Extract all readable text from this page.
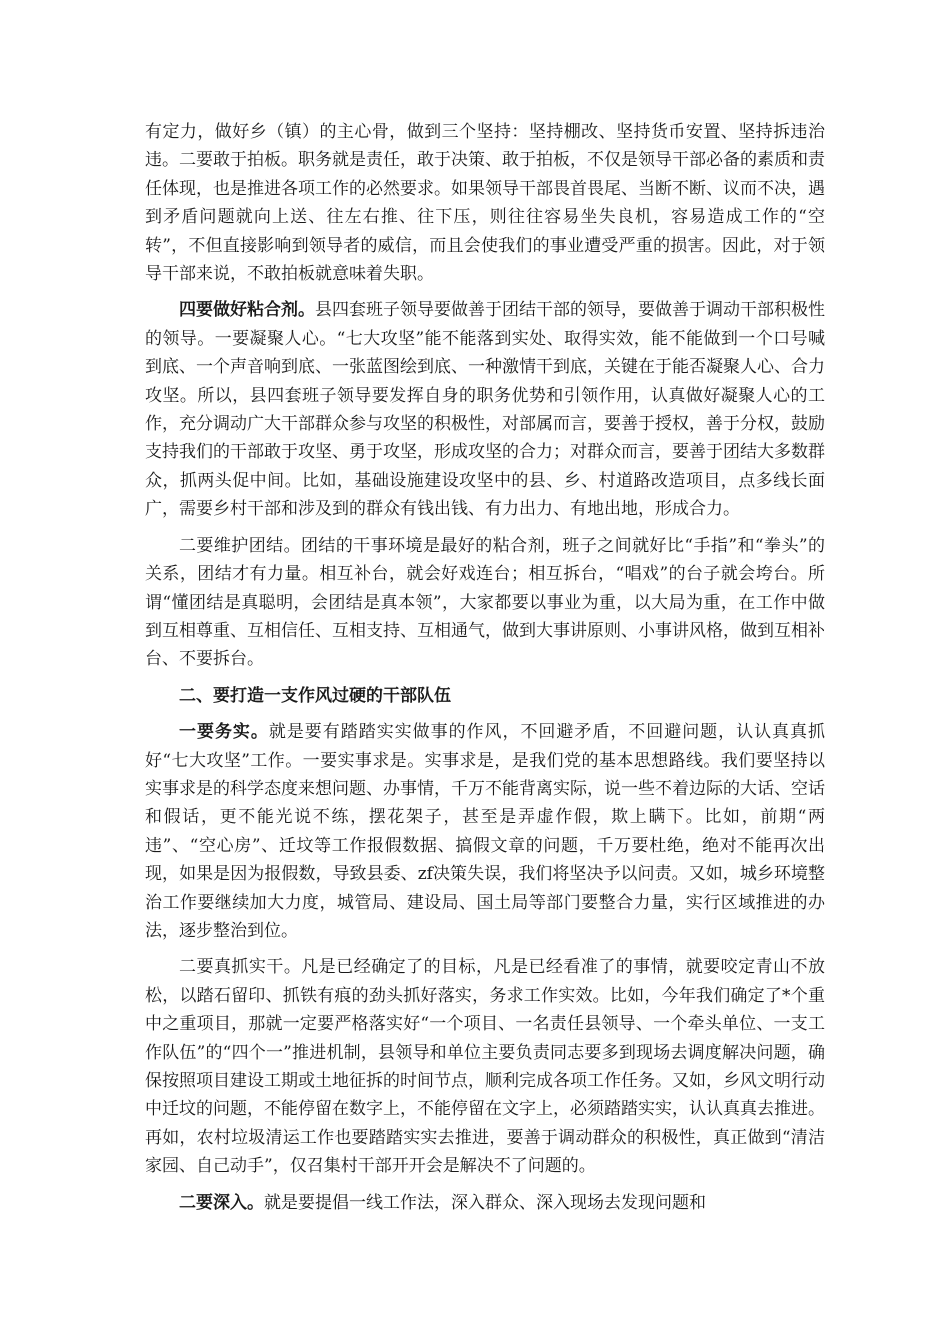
有定力，做好乡（镇）的主心骨，做到三个坚持：坚持棚改、坚持货币安置、坚持拆违治违。二要敢于拍板。职务就是责任，敢于决策、敢于拍板，不仅是领导干部必备的素质和责任体现，也是推进各项工作的必然要求。如果领导干部畏首畏尾、当断不断、议而不决，遇到矛盾问题就向上送、往左右推、往下压，则往往容易坐失良机，容易造成工作的“空转”，不但直接影响到领导者的威信，而且会使我们的事业遭受严重的损害。因此，对于领导干部来说，不敢拍板就意味着失职。

四要做好粘合剂。县四套班子领导要做善于团结干部的领导，要做善于调动干部积极性的领导。一要凝聚人心。“七大攻坚”能不能落到实处、取得实效，能不能做到一个口号喊到底、一个声音响到底、一张蓝图绘到底、一种激情干到底，关键在于能否凝聚人心、合力攻坚。所以，县四套班子领导要发挥自身的职务优势和引领作用，认真做好凝聚人心的工作，充分调动广大干部群众参与攻坚的积极性，对部属而言，要善于授权，善于分权，鼓励支持我们的干部敢于攻坚、勇于攻坚，形成攻坚的合力；对群众而言，要善于团结大多数群众，抓两头促中间。比如，基础设施建设攻坚中的县、乡、村道路改造项目，点多线长面广，需要乡村干部和涉及到的群众有钱出钱、有力出力、有地出地，形成合力。

二要维护团结。团结的干事环境是最好的粘合剂，班子之间就好比“手指”和“拳头”的关系，团结才有力量。相互补台，就会好戏连台；相互拆台，“唱戏”的台子就会垮台。所谓“懂团结是真聪明，会团结是真本领”，大家都要以事业为重，以大局为重，在工作中做到互相尊重、互相信任、互相支持、互相通气，做到大事讲原则、小事讲风格，做到互相补台、不要拆台。

二、要打造一支作风过硬的干部队伍

一要务实。就是要有踏踏实实做事的作风，不回避矛盾，不回避问题，认认真真抓好“七大攻坚”工作。一要实事求是。实事求是，是我们党的基本思想路线。我们要坚持以实事求是的科学态度来想问题、办事情，千万不能背离实际，说一些不着边际的大话、空话和假话，更不能光说不练，摆花架子，甚至是弄虚作假，欺上瞒下。比如，前期“两违”、“空心房”、迁坟等工作报假数据、搞假文章的问题，千万要杜绝，绝对不能再次出现，如果是因为报假数，导致县委、zf决策失误，我们将坚决予以问责。又如，城乡环境整治工作要继续加大力度，城管局、建设局、国土局等部门要整合力量，实行区域推进的办法，逐步整治到位。

二要真抓实干。凡是已经确定了的目标，凡是已经看准了的事情，就要咬定青山不放松，以踏石留印、抓铁有痕的劲头抓好落实，务求工作实效。比如，今年我们确定了*个重中之重项目，那就一定要严格落实好“一个项目、一名责任县领导、一个牵头单位、一支工作队伍”的“四个一”推进机制，县领导和单位主要负责同志要多到现场去调度解决问题，确保按照项目建设工期或土地征拆的时间节点，顺利完成各项工作任务。又如，乡风文明行动中迁坟的问题，不能停留在数字上，不能停留在文字上，必须踏踏实实，认认真真去推进。再如，农村垃圾清运工作也要踏踏实实去推进，要善于调动群众的积极性，真正做到“清洁家园、自己动手”，仅召集村干部开开会是解决不了问题的。

二要深入。就是要提倡一线工作法，深入群众、深入现场去发现问题和
